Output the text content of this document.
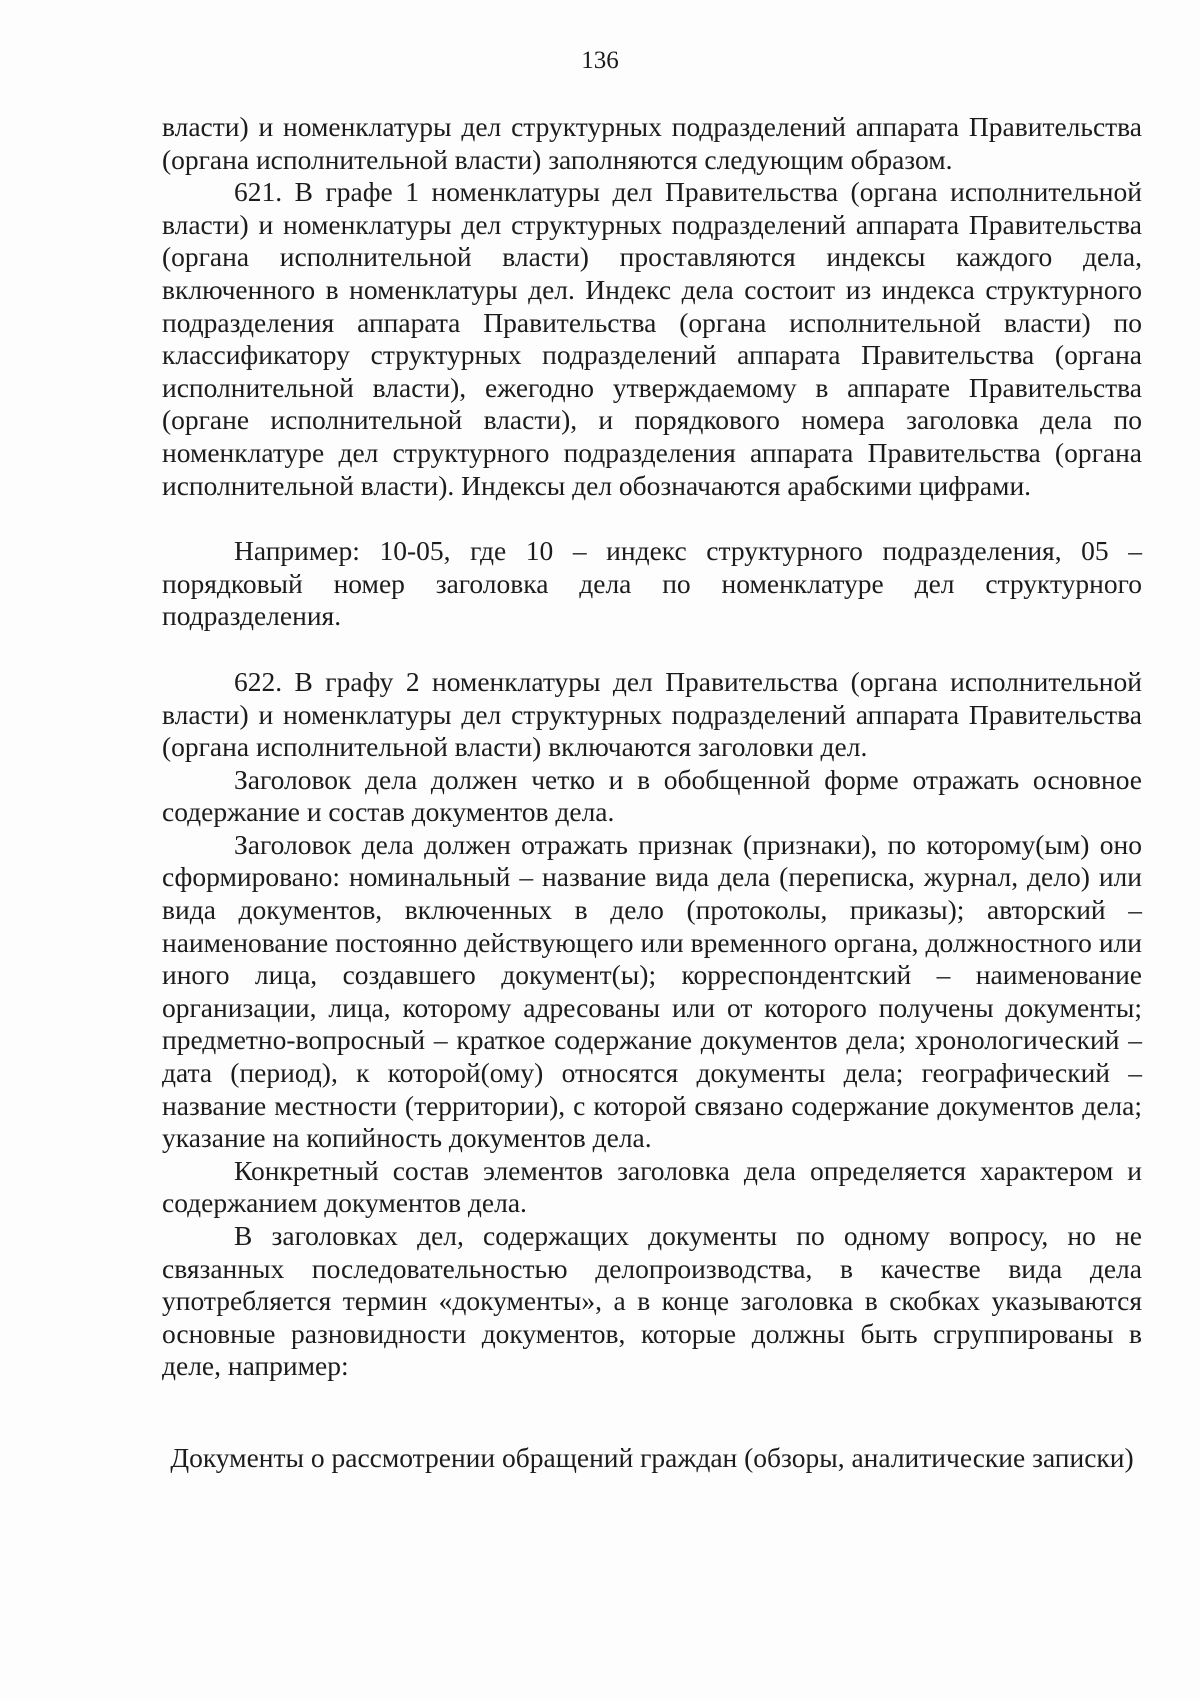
136

власти) и номенклатуры дел структурных подразделений аппарата Правительства (органа исполнительной власти) заполняются следующим образом.

621. В графе 1 номенклатуры дел Правительства (органа исполнительной власти) и номенклатуры дел структурных подразделений аппарата Правительства (органа исполнительной власти) проставляются индексы каждого дела, включенного в номенклатуры дел. Индекс дела состоит из индекса структурного подразделения аппарата Правительства (органа исполнительной власти) по классификатору структурных подразделений аппарата Правительства (органа исполнительной власти), ежегодно утверждаемому в аппарате Правительства (органе исполнительной власти), и порядкового номера заголовка дела по номенклатуре дел структурного подразделения аппарата Правительства (органа исполнительной власти). Индексы дел обозначаются арабскими цифрами.

Например: 10-05, где 10 – индекс структурного подразделения, 05 – порядковый номер заголовка дела по номенклатуре дел структурного подразделения.

622. В графу 2 номенклатуры дел Правительства (органа исполнительной власти) и номенклатуры дел структурных подразделений аппарата Правительства (органа исполнительной власти) включаются заголовки дел.

Заголовок дела должен четко и в обобщенной форме отражать основное содержание и состав документов дела.

Заголовок дела должен отражать признак (признаки), по которому(ым) оно сформировано: номинальный – название вида дела (переписка, журнал, дело) или вида документов, включенных в дело (протоколы, приказы); авторский – наименование постоянно действующего или временного органа, должностного или иного лица, создавшего документ(ы); корреспондентский – наименование организации, лица, которому адресованы или от которого получены документы; предметно-вопросный – краткое содержание документов дела; хронологический – дата (период), к которой(ому) относятся документы дела; географический – название местности (территории), с которой связано содержание документов дела; указание на копийность документов дела.

Конкретный состав элементов заголовка дела определяется характером и содержанием документов дела.

В заголовках дел, содержащих документы по одному вопросу, но не связанных последовательностью делопроизводства, в качестве вида дела употребляется термин «документы», а в конце заголовка в скобках указываются основные разновидности документов, которые должны быть сгруппированы в деле, например:

Документы о рассмотрении обращений граждан (обзоры, аналитические записки)
